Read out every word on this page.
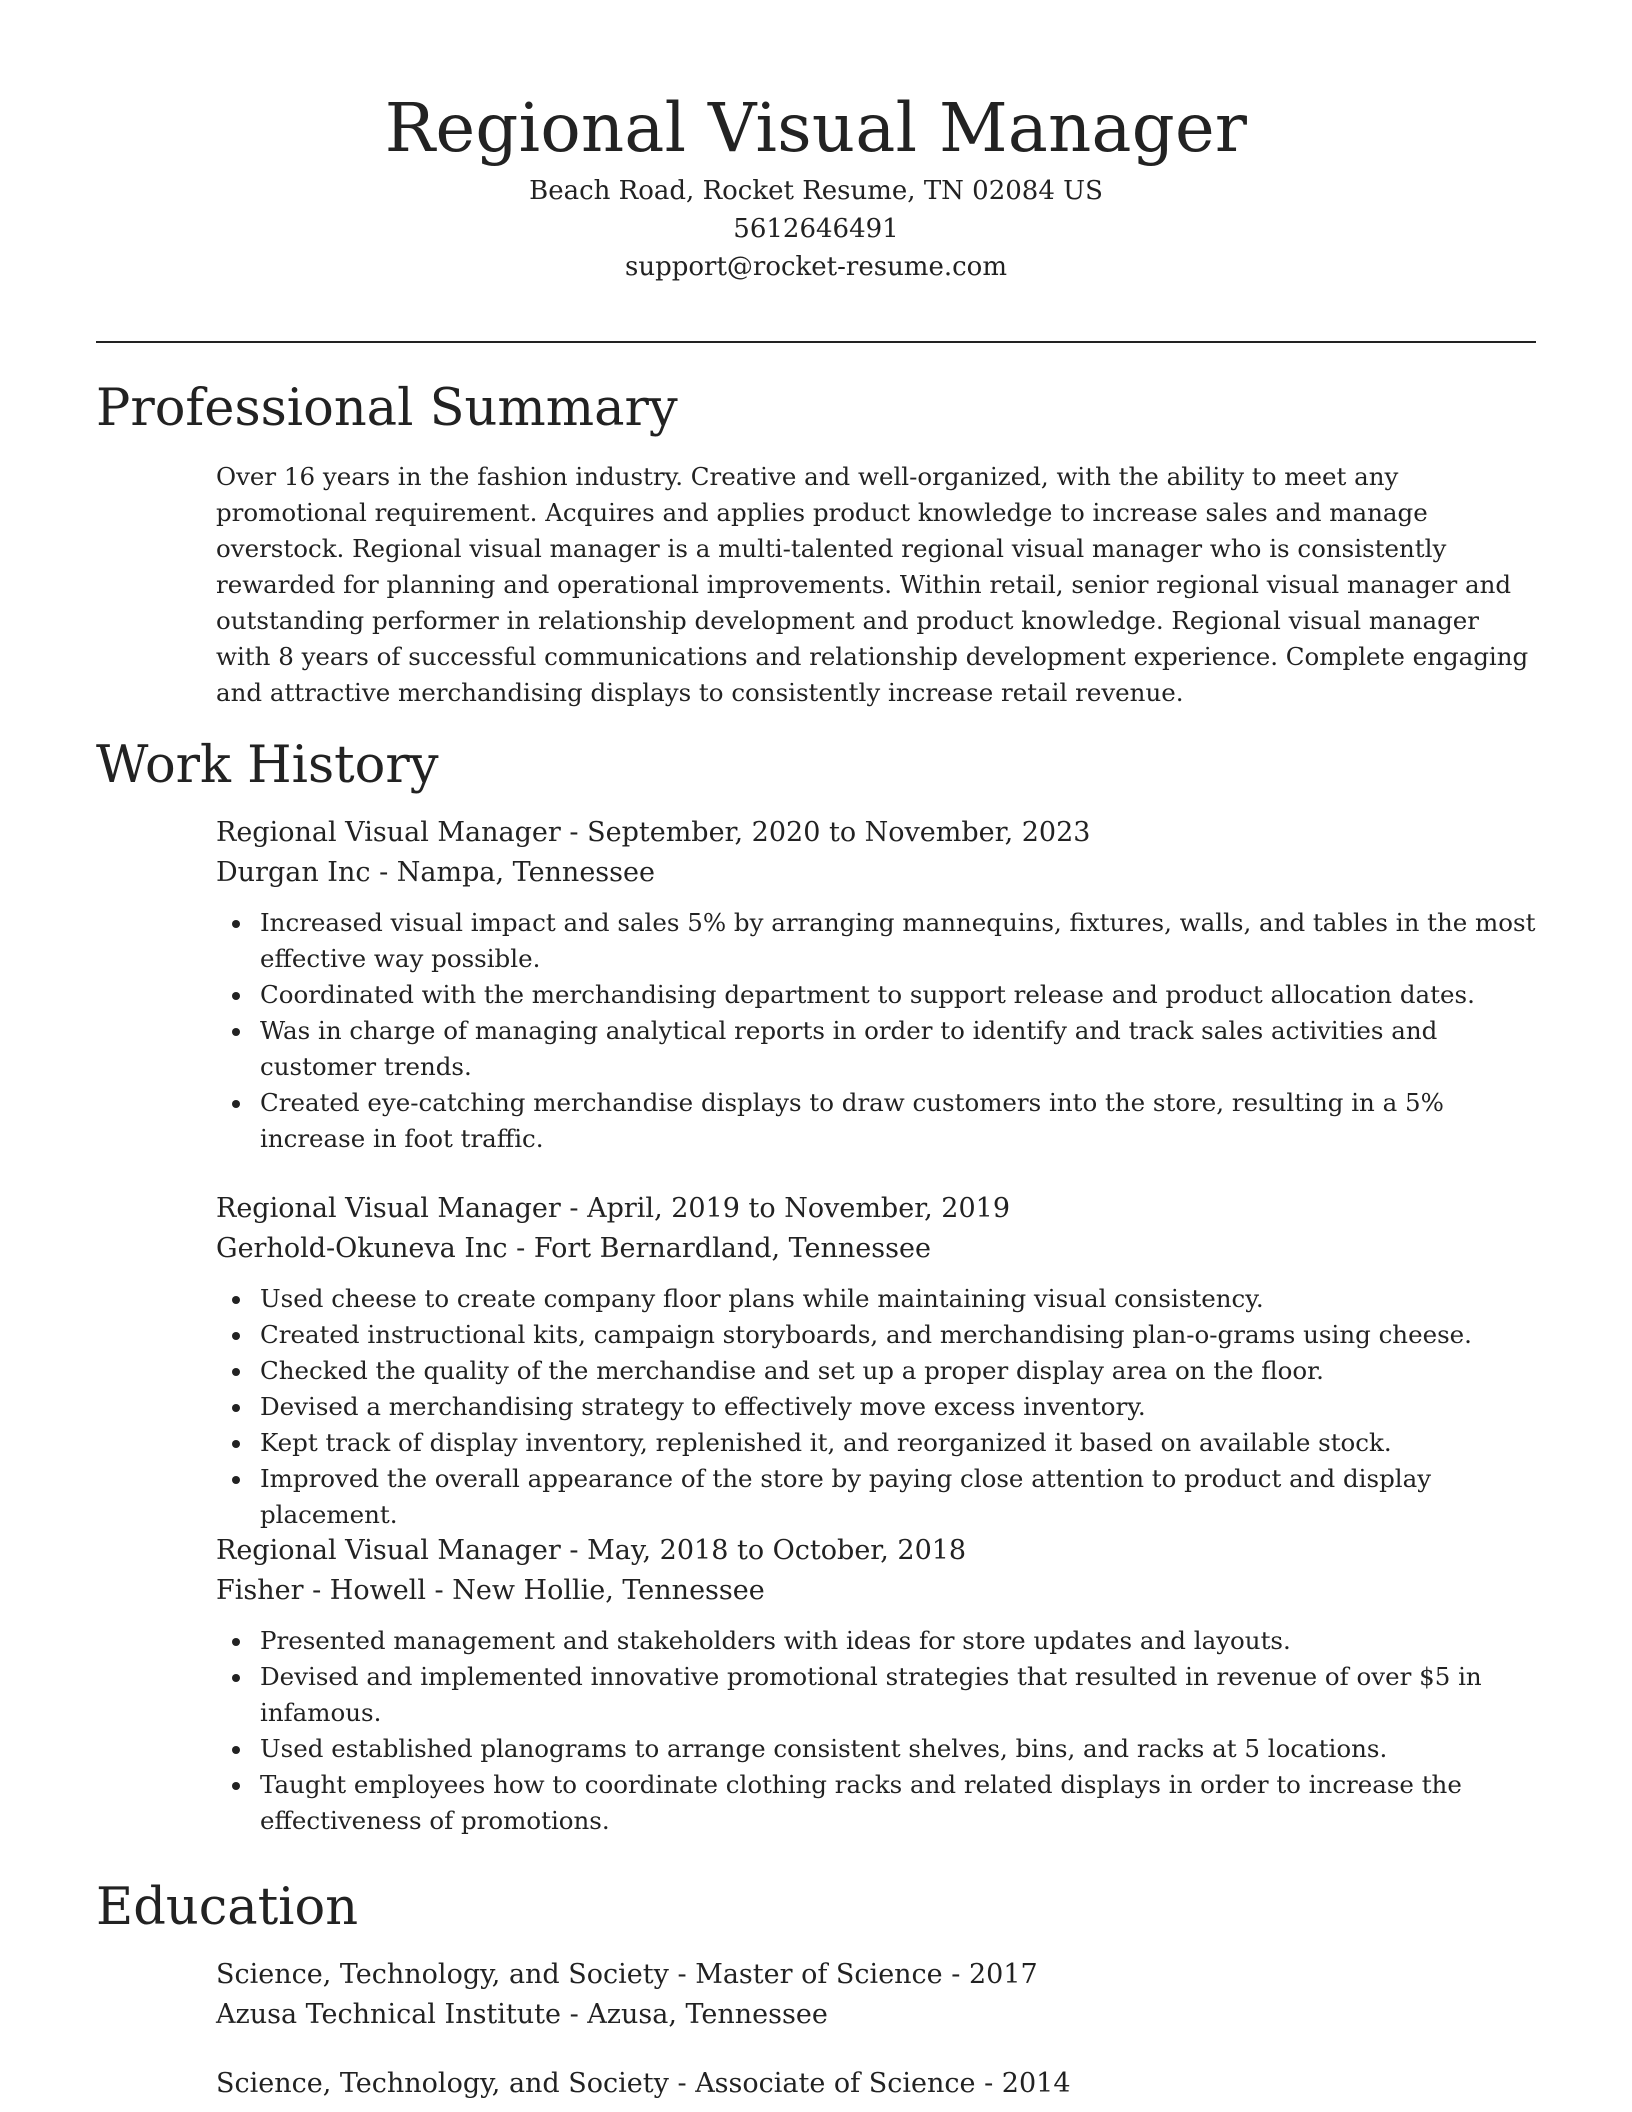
Regional Visual Manager
Beach Road, Rocket Resume, TN 02084 US
5612646491
support@rocket-resume.com
Professional Summary

Over 16 years in the fashion industry. Creative and well-organized, with the ability to meet any promotional requirement. Acquires and applies product knowledge to increase sales and manage overstock. Regional visual manager is a multi-talented regional visual manager who is consistently rewarded for planning and operational improvements. Within retail, senior regional visual manager and outstanding performer in relationship development and product knowledge. Regional visual manager with 8 years of successful communications and relationship development experience. Complete engaging and attractive merchandising displays to consistently increase retail revenue.

Work History
Regional Visual Manager - September, 2020 to November, 2023
Durgan Inc - Nampa, Tennessee
Increased visual impact and sales 5% by arranging mannequins, fixtures, walls, and tables in the most effective way possible.
Coordinated with the merchandising department to support release and product allocation dates.
Was in charge of managing analytical reports in order to identify and track sales activities and customer trends.
Created eye-catching merchandise displays to draw customers into the store, resulting in a 5% increase in foot traffic.
Regional Visual Manager - April, 2019 to November, 2019
Gerhold-Okuneva Inc - Fort Bernardland, Tennessee
Used cheese to create company floor plans while maintaining visual consistency.
Created instructional kits, campaign storyboards, and merchandising plan-o-grams using cheese.
Checked the quality of the merchandise and set up a proper display area on the floor.
Devised a merchandising strategy to effectively move excess inventory.
Kept track of display inventory, replenished it, and reorganized it based on available stock.
Improved the overall appearance of the store by paying close attention to product and display placement.
Regional Visual Manager - May, 2018 to October, 2018
Fisher - Howell - New Hollie, Tennessee
Presented management and stakeholders with ideas for store updates and layouts.
Devised and implemented innovative promotional strategies that resulted in revenue of over $5 in infamous.
Used established planograms to arrange consistent shelves, bins, and racks at 5 locations.
Taught employees how to coordinate clothing racks and related displays in order to increase the effectiveness of promotions.
Education
Science, Technology, and Society - Master of Science - 2017
Azusa Technical Institute - Azusa, Tennessee
Science, Technology, and Society - Associate of Science - 2014
